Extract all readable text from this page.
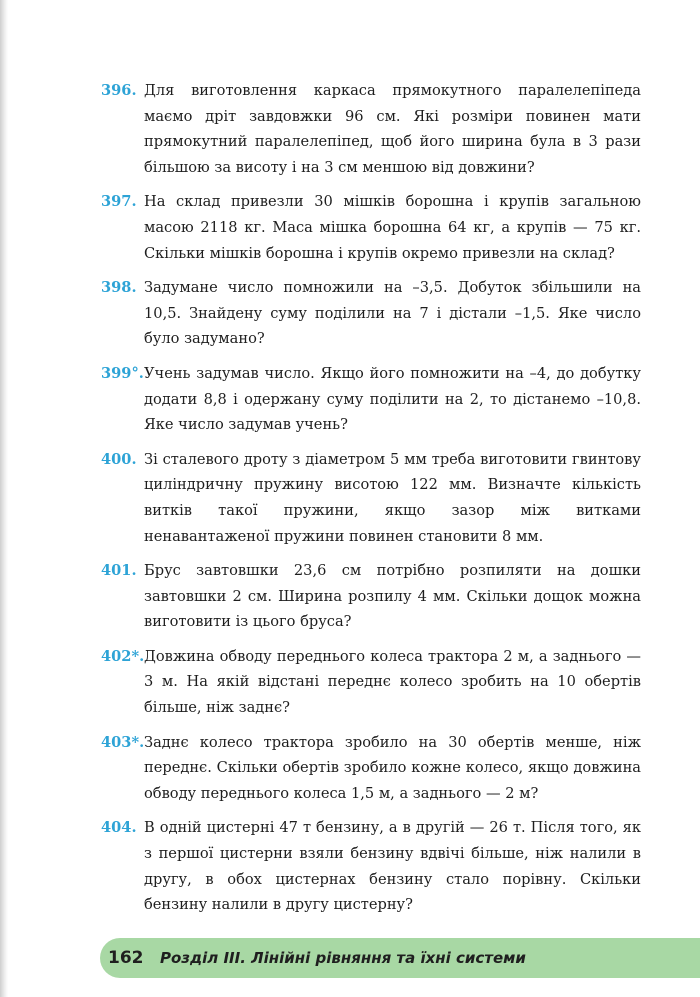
396. Для виготовлення каркаса прямокутного паралелепіпеда маємо дріт завдовжки 96 см. Які розміри повинен мати прямокутний паралелепіпед, щоб його ширина була в 3 рази більшою за висоту і на 3 см меншою від довжини?
397. На склад привезли 30 мішків борошна і крупів загальною масою 2118 кг. Маса мішка борошна 64 кг, а крупів — 75 кг. Скільки мішків борошна і крупів окремо привезли на склад?
398. Задумане число помножили на –3,5. Добуток збільшили на 10,5. Знайдену суму поділили на 7 і дістали –1,5. Яке число було задумано?
399°. Учень задумав число. Якщо його помножити на –4, до добутку додати 8,8 і одержану суму поділити на 2, то дістанемо –10,8. Яке число задумав учень?
400. Зі сталевого дроту з діаметром 5 мм треба виготовити гвинтову циліндричну пружину висотою 122 мм. Визначте кількість витків такої пружини, якщо зазор між витками ненавантаженої пружини повинен становити 8 мм.
401. Брус завтовшки 23,6 см потрібно розпиляти на дошки завтовшки 2 см. Ширина розпилу 4 мм. Скільки дощок можна виготовити із цього бруса?
402*. Довжина обводу переднього колеса трактора 2 м, а заднього — 3 м. На якій відстані переднє колесо зробить на 10 обертів більше, ніж заднє?
403*. Заднє колесо трактора зробило на 30 обертів менше, ніж переднє. Скільки обертів зробило кожне колесо, якщо довжина обводу переднього колеса 1,5 м, а заднього — 2 м?
404. В одній цистерні 47 т бензину, а в другій — 26 т. Після того, як з першої цистерни взяли бензину вдвічі більше, ніж налили в другу, в обох цистернах бензину стало порівну. Скільки бензину налили в другу цистерну?
162	Розділ III. Лінійні рівняння та їхні системи
